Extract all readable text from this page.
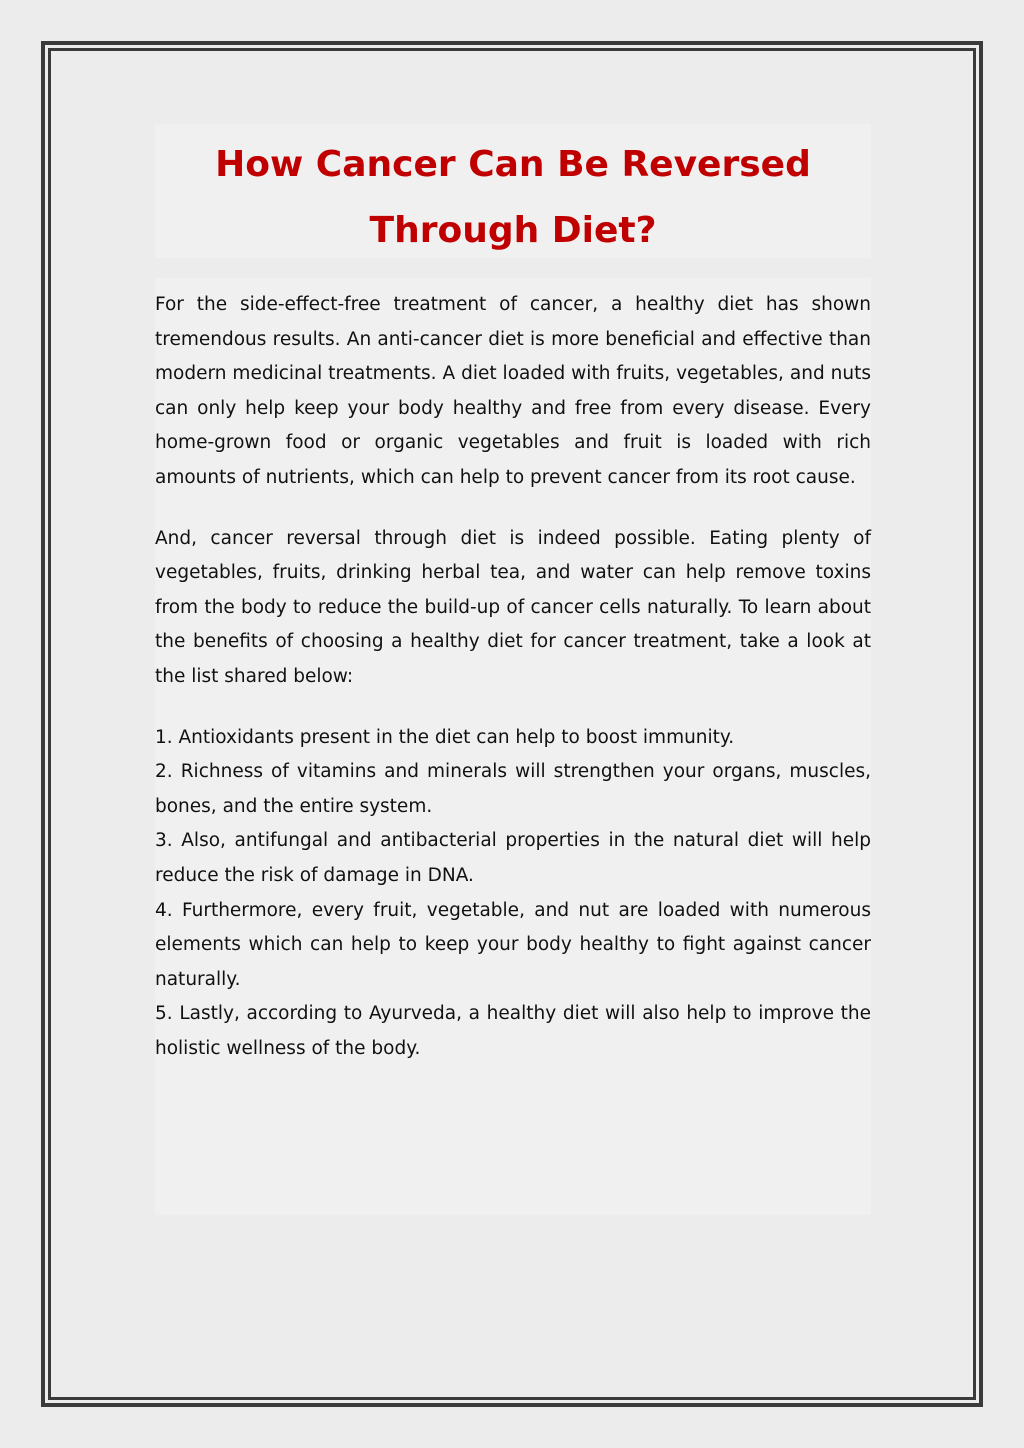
How Cancer Can Be Reversed Through Diet?

For the side-effect-free treatment of cancer, a healthy diet has shown tremendous results. An anti-cancer diet is more beneficial and effective than modern medicinal treatments. A diet loaded with fruits, vegetables, and nuts can only help keep your body healthy and free from every disease. Every home-grown food or organic vegetables and fruit is loaded with rich amounts of nutrients, which can help to prevent cancer from its root cause.

And, cancer reversal through diet is indeed possible. Eating plenty of vegetables, fruits, drinking herbal tea, and water can help remove toxins from the body to reduce the build-up of cancer cells naturally. To learn about the benefits of choosing a healthy diet for cancer treatment, take a look at the list shared below:

1. Antioxidants present in the diet can help to boost immunity.
2. Richness of vitamins and minerals will strengthen your organs, muscles, bones, and the entire system.
3. Also, antifungal and antibacterial properties in the natural diet will help reduce the risk of damage in DNA.
4. Furthermore, every fruit, vegetable, and nut are loaded with numerous elements which can help to keep your body healthy to fight against cancer naturally.
5. Lastly, according to Ayurveda, a healthy diet will also help to improve the holistic wellness of the body.
